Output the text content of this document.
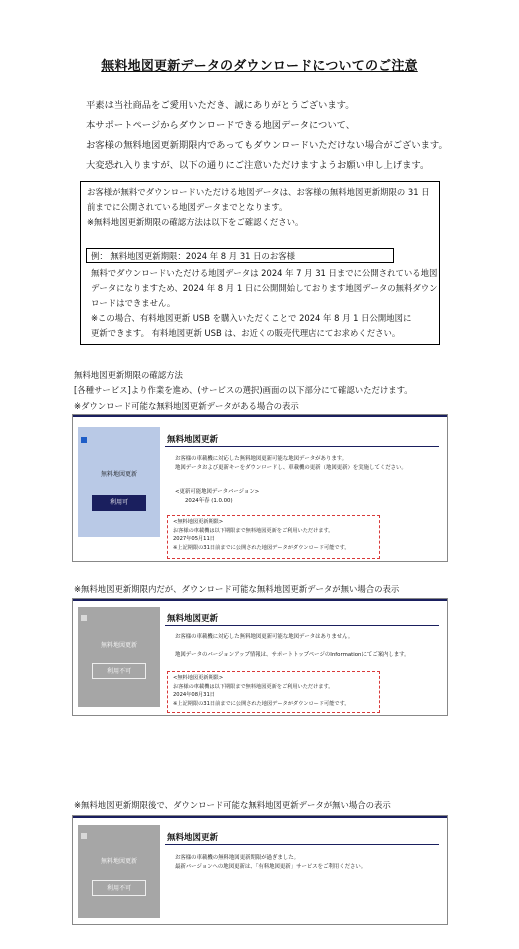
無料地図更新データのダウンロードについてのご注意
平素は当社商品をご愛用いただき、誠にありがとうございます。
本サポートページからダウンロードできる地図データについて、
お客様の無料地図更新期限内であってもダウンロードいただけない場合がございます。
大変恐れ入りますが、以下の通りにご注意いただけますようお願い申し上げます。
お客様が無料でダウンロードいただける地図データは、お客様の無料地図更新期限の 31 日
前までに公開されている地図データまでとなります。
※無料地図更新期限の確認方法は以下をご確認ください。
例： 無料地図更新期限：2024 年 8 月 31 日のお客様
無料でダウンロードいただける地図データは 2024 年 7 月 31 日までに公開されている地図
データになりますため、2024 年 8 月 1 日に公開開始しております地図データの無料ダウン
ロードはできません。
※この場合、有料地図更新 USB を購入いただくことで 2024 年 8 月 1 日公開地図に
更新できます。 有料地図更新 USB は、お近くの販売代理店にてお求めください。
無料地図更新期限の確認方法
[各種サービス]より作業を進め、(サービスの選択)画面の以下部分にて確認いただけます。
※ダウンロード可能な無料地図更新データがある場合の表示
無料地図更新
利用可
無料地図更新
お客様の車載機に対応した無料地図更新可能な地図データがあります。
地図データおよび更新キーをダウンロードし、車載機の更新（地図更新）を実施してください。
<更新可能地図データバージョン>
2024年春 (1.0.00)
<無料地図更新期限>
お客様の車載機は以下期限まで無料地図更新をご利用いただけます。
2027年05月11日
※上記期限の31日前までに公開された地図データがダウンロード可能です。
※無料地図更新期限内だが、ダウンロード可能な無料地図更新データが無い場合の表示
無料地図更新
利用不可
無料地図更新
お客様の車載機に対応した無料地図更新可能な地図データはありません。
地図データのバージョンアップ情報は、サポートトップページのInformationにてご案内します。
<無料地図更新期限>
お客様の車載機は以下期限まで無料地図更新をご利用いただけます。
2024年08月31日
※上記期限の31日前までに公開された地図データがダウンロード可能です。
※無料地図更新期限後で、ダウンロード可能な無料地図更新データが無い場合の表示
無料地図更新
利用不可
無料地図更新
お客様の車載機の無料地図更新期限が過ぎました。
最新バージョンへの地図更新は、「有料地図更新」サービスをご利用ください。
